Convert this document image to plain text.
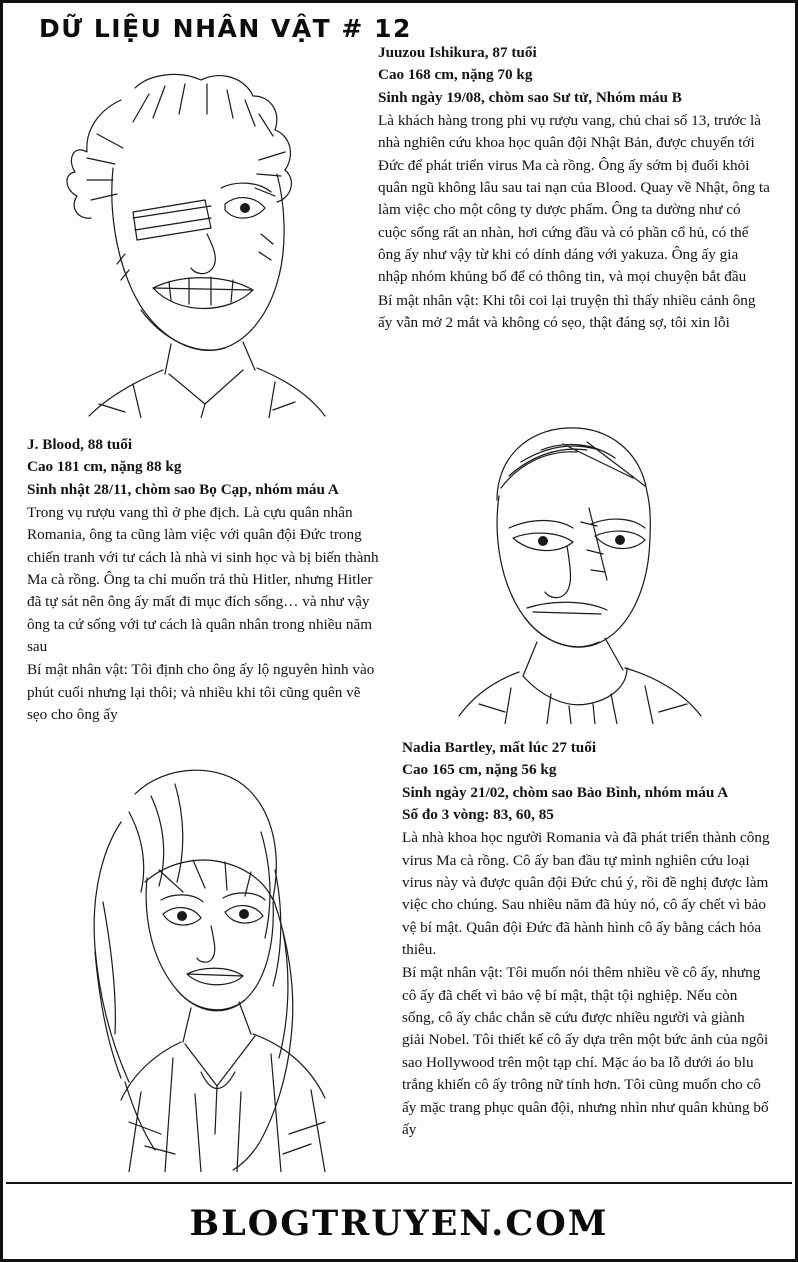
DỮ LIỆU NHÂN VẬT # 12
Juuzou Ishikura, 87 tuổi
Cao 168 cm, nặng 70 kg
Sinh ngày 19/08, chòm sao Sư tử, Nhóm máu B

Là khách hàng trong phi vụ rượu vang, chủ chai số 13, trước là nhà nghiên cứu khoa học quân đội Nhật Bản, được chuyển tới Đức để phát triển virus Ma cà rồng. Ông ấy sớm bị đuổi khỏi quân ngũ không lâu sau tai nạn của Blood. Quay về Nhật, ông ta làm việc cho một công ty dược phẩm. Ông ta dường như có cuộc sống rất an nhàn, hơi cứng đầu và có phần cổ hủ, có thể ông ấy như vậy từ khi có dính dáng với yakuza. Ông ấy gia nhập nhóm khủng bố để có thông tin, và mọi chuyện bắt đầu

Bí mật nhân vật: Khi tôi coi lại truyện thì thấy nhiều cảnh ông ấy vẫn mở 2 mắt và không có sẹo, thật đáng sợ, tôi xin lỗi

J. Blood, 88 tuổi
Cao 181 cm, nặng 88 kg
Sinh nhật 28/11, chòm sao Bọ Cạp, nhóm máu A

Trong vụ rượu vang thì ở phe địch. Là cựu quân nhân Romania, ông ta cũng làm việc với quân đội Đức trong chiến tranh với tư cách là nhà vi sinh học và bị biến thành Ma cà rồng. Ông ta chỉ muốn trả thù Hitler, nhưng Hitler đã tự sát nên ông ấy mất đi mục đích sống… và như vậy ông ta cứ sống với tư cách là quân nhân trong nhiều năm sau

Bí mật nhân vật: Tôi định cho ông ấy lộ nguyên hình vào phút cuối nhưng lại thôi; và nhiều khi tôi cũng quên vẽ sẹo cho ông ấy

Nadia Bartley, mất lúc 27 tuổi
Cao 165 cm, nặng 56 kg
Sinh ngày 21/02, chòm sao Bảo Bình, nhóm máu A
Số đo 3 vòng: 83, 60, 85

Là nhà khoa học người Romania và đã phát triển thành công virus Ma cà rồng. Cô ấy ban đầu tự mình nghiên cứu loại virus này và được quân đội Đức chú ý, rồi đề nghị được làm việc cho chúng. Sau nhiều năm đã hủy nó, cô ấy chết vì bảo vệ bí mật. Quân đội Đức đã hành hình cô ấy bằng cách hỏa thiêu.

Bí mật nhân vật: Tôi muốn nói thêm nhiều về cô ấy, nhưng cô ấy đã chết vì bảo vệ bí mật, thật tội nghiệp. Nếu còn sống, cô ấy chắc chắn sẽ cứu được nhiều người và giành giải Nobel. Tôi thiết kế cô ấy dựa trên một bức ảnh của ngôi sao Hollywood trên một tạp chí. Mặc áo ba lỗ dưới áo blu trắng khiến cô ấy trông nữ tính hơn. Tôi cũng muốn cho cô ấy mặc trang phục quân đội, nhưng nhìn như quân khủng bố ấy

BLOGTRUYEN.COM
